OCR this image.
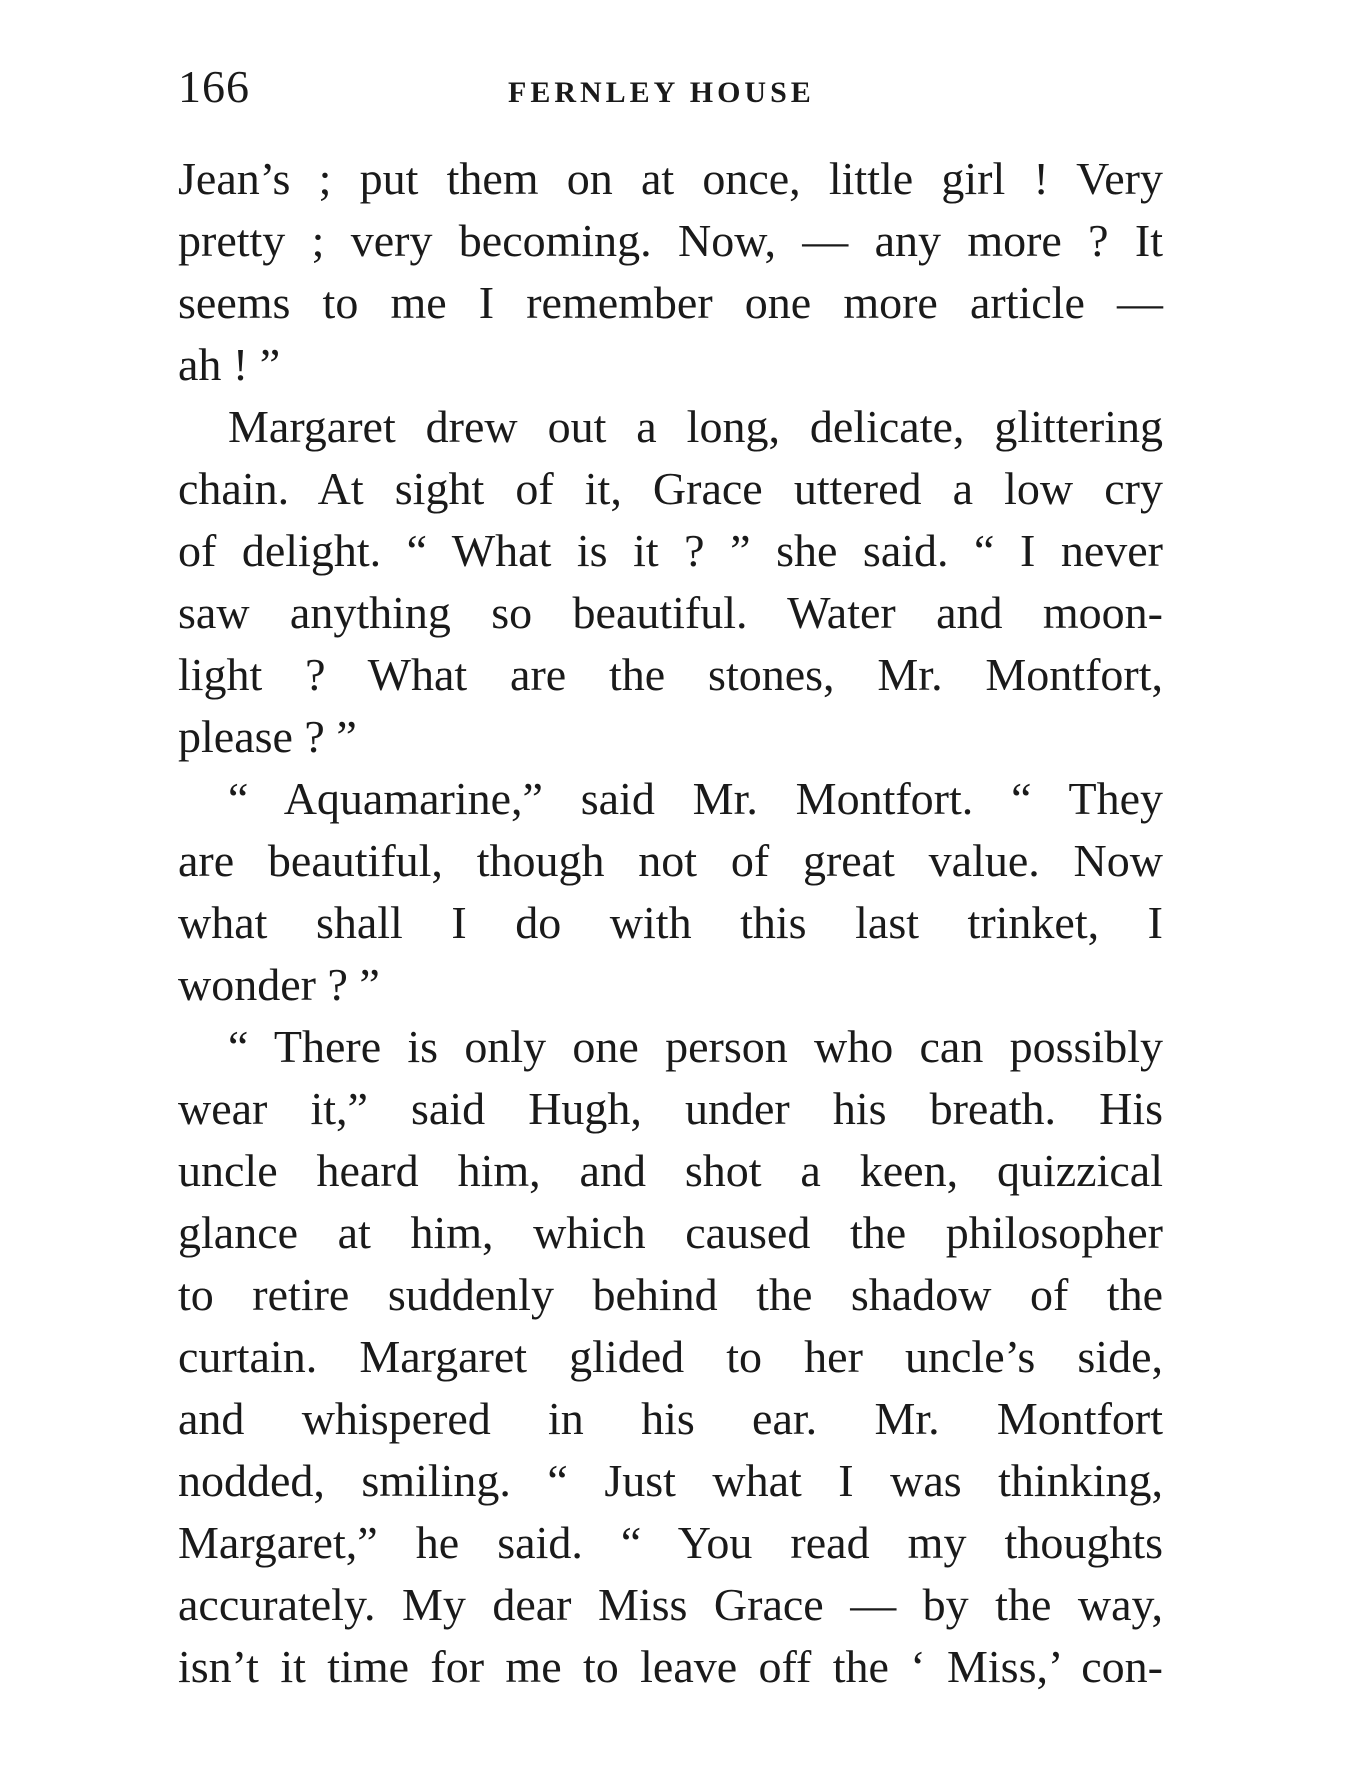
166	FERNLEY HOUSE

Jean’s ; put them on at once, little girl ! Very
pretty ; very becoming. Now, — any more ? It
seems to me I remember one more article —
ah ! ”

Margaret drew out a long, delicate, glittering
chain. At sight of it, Grace uttered a low cry
of delight. “ What is it ? ” she said. “ I never
saw anything so beautiful. Water and moon-
light ? What are the stones, Mr. Montfort,
please ? ”

“ Aquamarine,” said Mr. Montfort. “ They
are beautiful, though not of great value. Now
what shall I do with this last trinket, I
wonder ? ”

“ There is only one person who can possibly
wear it,” said Hugh, under his breath. His
uncle heard him, and shot a keen, quizzical
glance at him, which caused the philosopher
to retire suddenly behind the shadow of the
curtain. Margaret glided to her uncle’s side,
and whispered in his ear. Mr. Montfort
nodded, smiling. “ Just what I was thinking,
Margaret,” he said. “ You read my thoughts
accurately. My dear Miss Grace — by the way,
isn’t it time for me to leave off the ‘ Miss,’ con-
